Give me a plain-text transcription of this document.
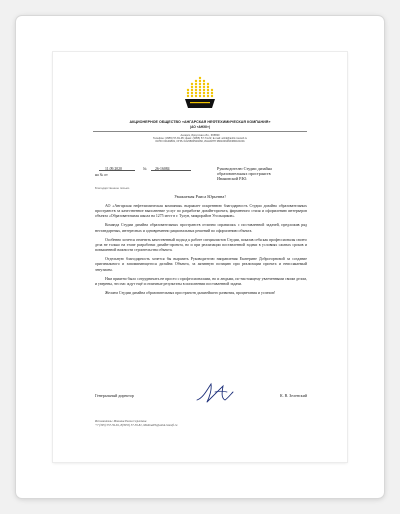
АКЦИОНЕРНОЕ ОБЩЕСТВО «АНГАРСКАЯ НЕФТЕХИМИЧЕСКАЯ КОМПАНИЯ»
(АО «АНХК»)
Ангарск, Иркутская обл., 665830
Телефон: (3955) 57-81-95; факс: (3955) 57-74-22; E-mail: anhk@anhk.rosneft.ru
ОКПО 00149849, ОГРН 1023800520260, ИНН/КПП 3801009466/380101001
11.09.2020	№ 26-16084
на № от
Руководителю Студии дизайна
образовательных пространств
Ивановской Р.Ю.
Благодарственное письмо
Уважаемая Раиса Юрьевна!

АО «Ангарская нефтехимическая компания» выражает искреннюю благодарность Студии дизайна образовательных пространств за качественное выполнение услуг по разработке дизайн-проекта, фирменного стиля и оформлению интерьеров объекта «Образовательная школа на 1275 мест в г. Тулун, микрорайон Угольщиков».

Команда Студии дизайна образовательных пространств отлично справилась с поставленной задачей, предложив ряд нестандартных, интересных и одновременно рациональных решений по оформлению объекта.

Особенно хочется отметить качественный подход к работе специалистов Студии, показав себя как профессионалы своего дела не только на этапе разработки дизайн-проекта, но и при реализации поставленной задачи в условиях сжатых сроков и повышенной важности строительства объекта.

Отдельную благодарность хочется бы выразить Руководителю направления Екатерине Доброгорновой за создание оригинального и запоминающегося дизайна Объекта, за активную позицию при реализации проекта и неиссякаемый энтузиазм.

Нам приятно было сотрудничать не просто с профессионалами, но и людьми, по-настоящему увлеченными своим делом, и уверены, что нас ждут ещё и отличные результаты в исполнении поставленной задачи.

Желаем Студии дизайна образовательных пространств дальнейшего развития, процветания и успехов!

Генеральный директор	К. В. Зеленский
Исполнитель: Мишина Елена Сергеевна
+7 (395) 557-59-81, 8(3955) 57-59-81, MishinaES@anhk.rosneft.ru
